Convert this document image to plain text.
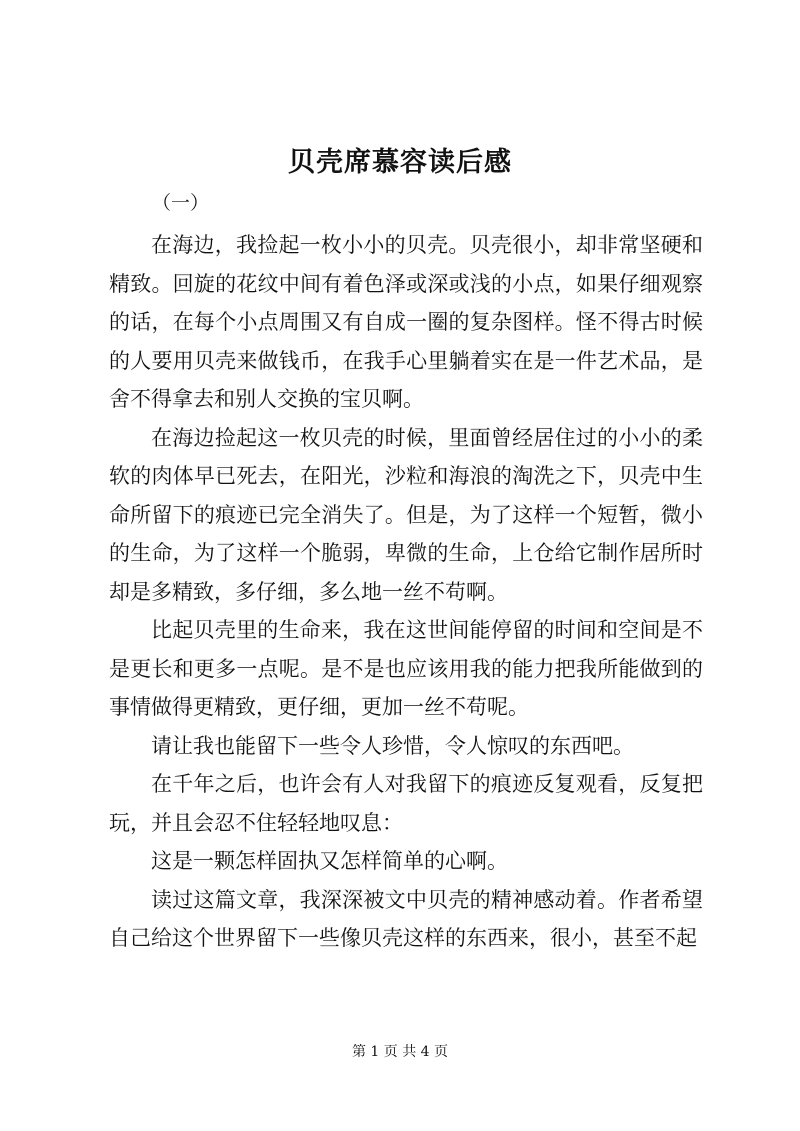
贝壳席慕容读后感
（一）

在海边，我捡起一枚小小的贝壳。贝壳很小，却非常坚硬和精致。回旋的花纹中间有着色泽或深或浅的小点，如果仔细观察的话，在每个小点周围又有自成一圈的复杂图样。怪不得古时候的人要用贝壳来做钱币，在我手心里躺着实在是一件艺术品，是舍不得拿去和别人交换的宝贝啊。

在海边捡起这一枚贝壳的时候，里面曾经居住过的小小的柔软的肉体早已死去，在阳光，沙粒和海浪的淘洗之下，贝壳中生命所留下的痕迹已完全消失了。但是，为了这样一个短暂，微小的生命，为了这样一个脆弱，卑微的生命，上仓给它制作居所时却是多精致，多仔细，多么地一丝不苟啊。

比起贝壳里的生命来，我在这世间能停留的时间和空间是不是更长和更多一点呢。是不是也应该用我的能力把我所能做到的事情做得更精致，更仔细，更加一丝不苟呢。

请让我也能留下一些令人珍惜，令人惊叹的东西吧。

在千年之后，也许会有人对我留下的痕迹反复观看，反复把玩，并且会忍不住轻轻地叹息：

这是一颗怎样固执又怎样简单的心啊。

读过这篇文章，我深深被文中贝壳的精神感动着。作者希望自己给这个世界留下一些像贝壳这样的东西来，很小，甚至不起

第 1 页 共 4 页
